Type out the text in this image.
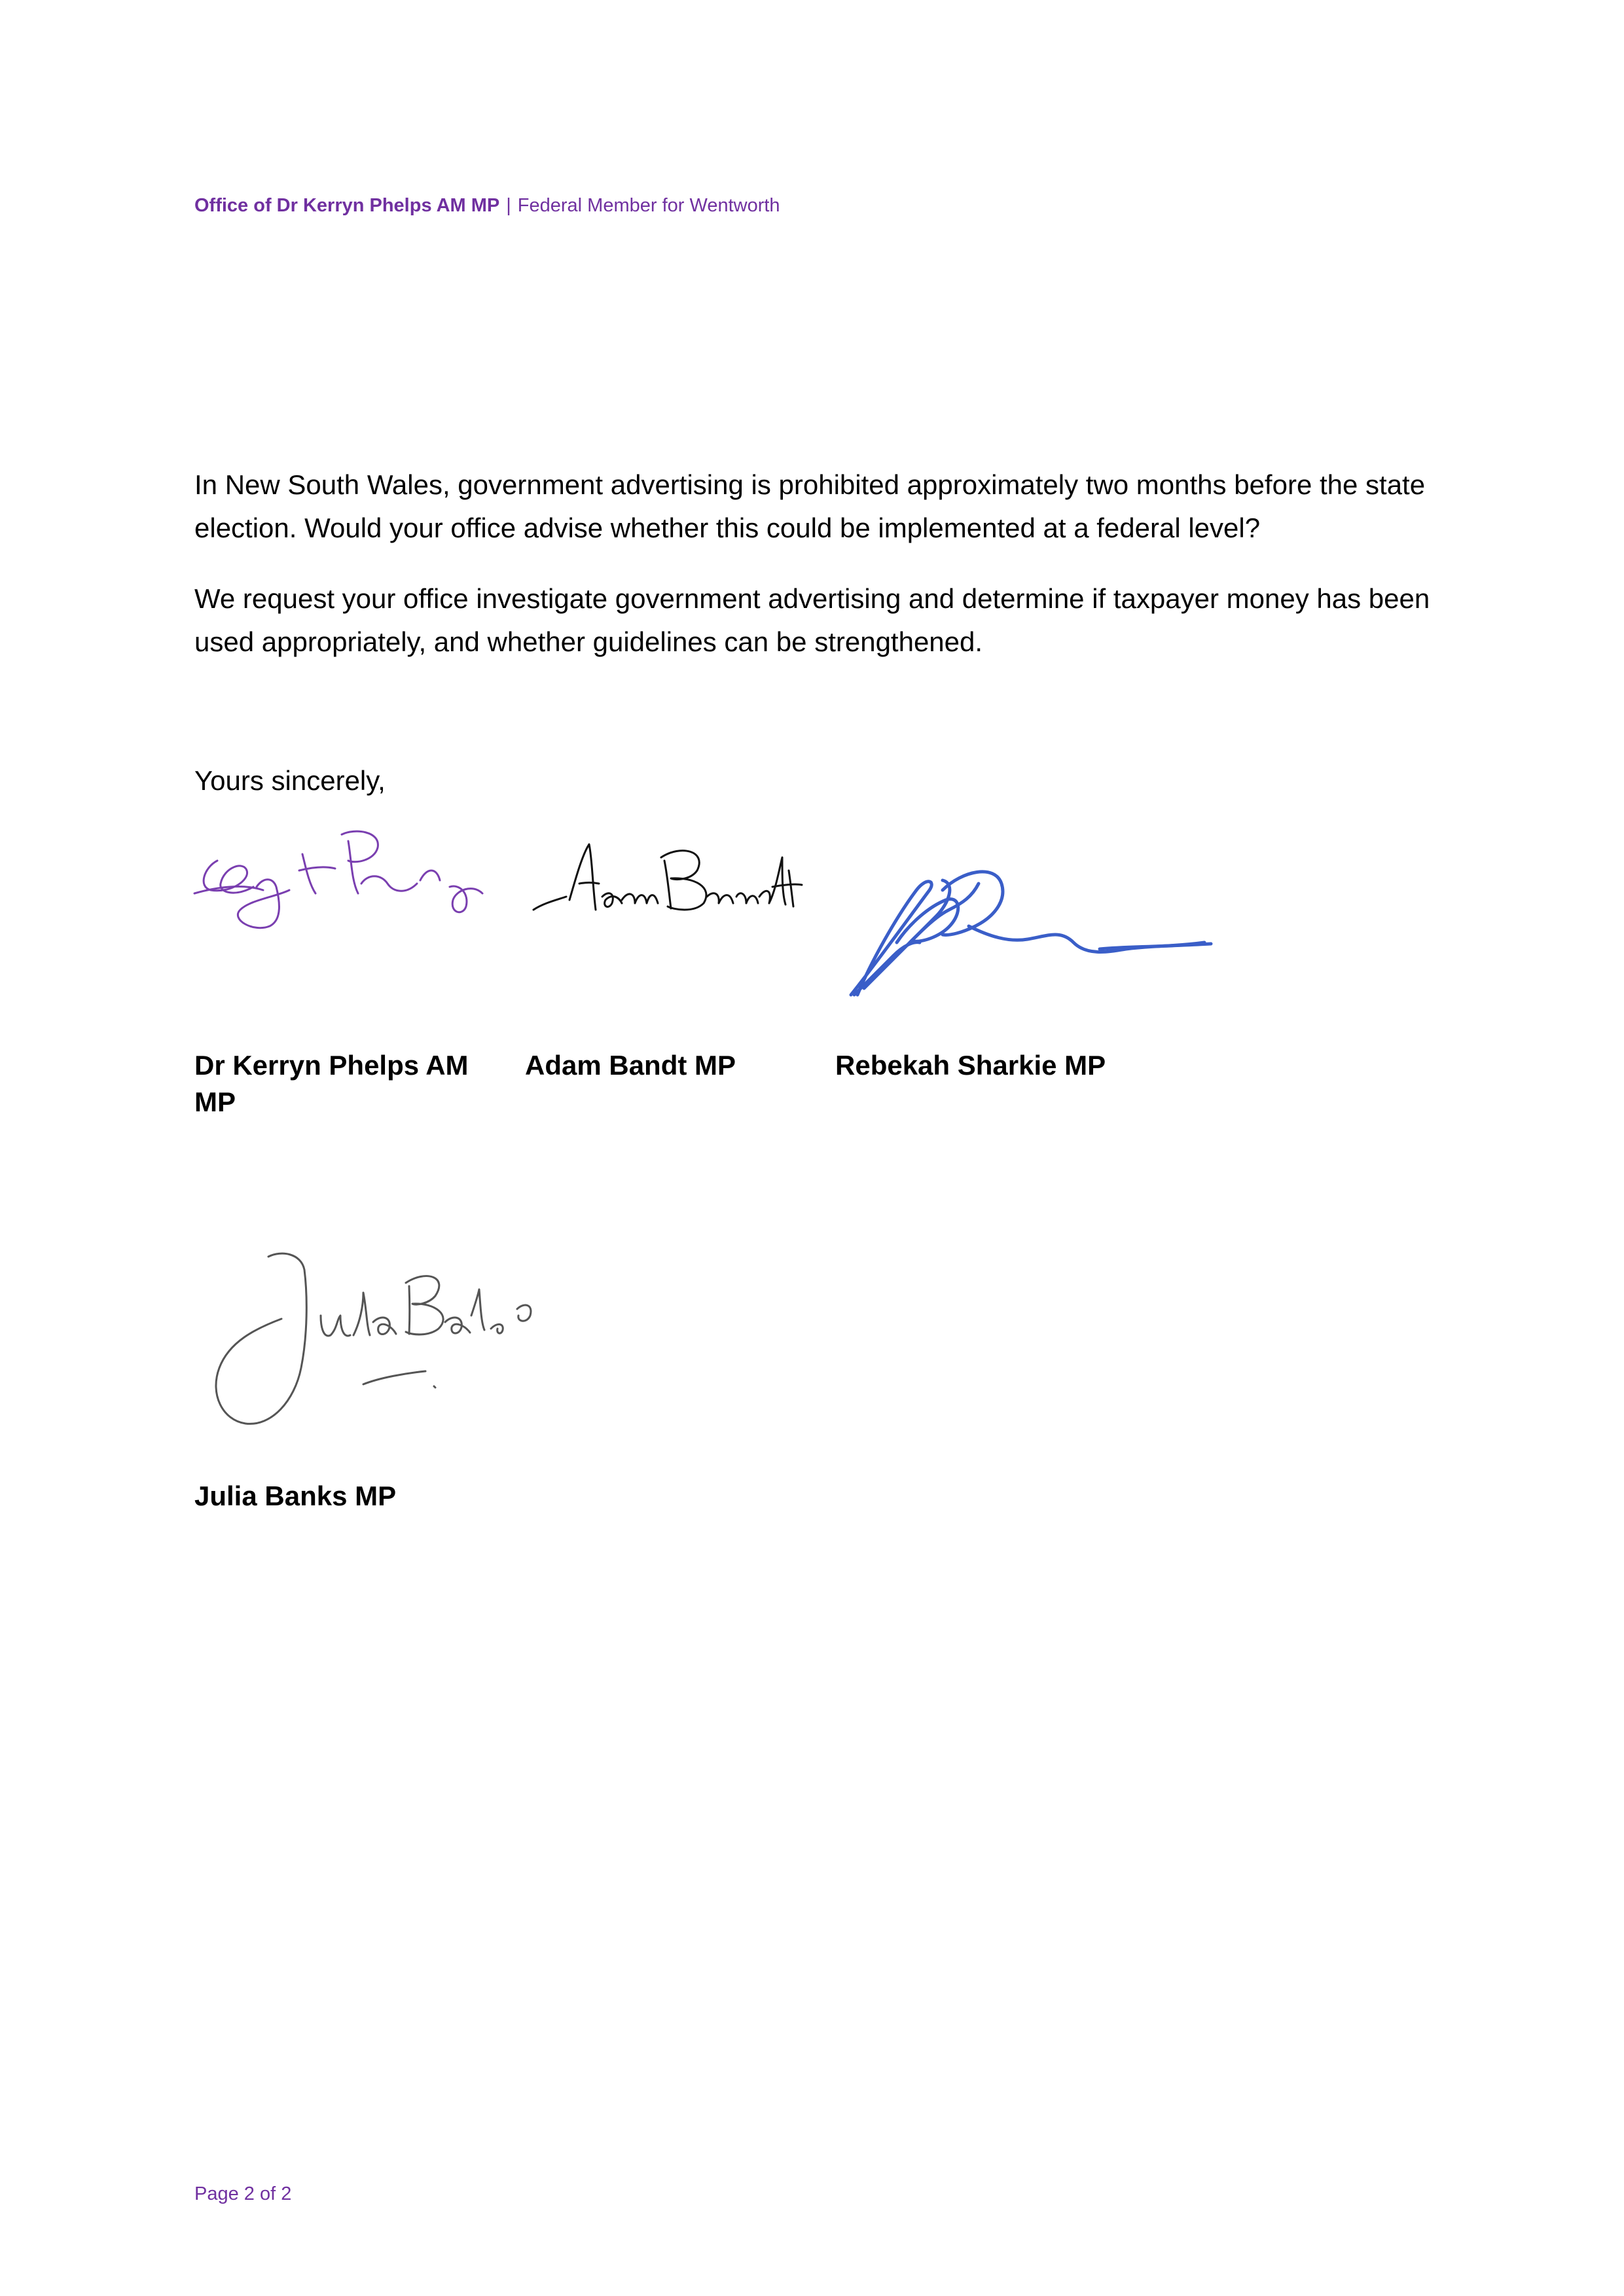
Office of Dr Kerryn Phelps AM MP | Federal Member for Wentworth

In New South Wales, government advertising is prohibited approximately two months before the state election. Would your office advise whether this could be implemented at a federal level?

We request your office investigate government advertising and determine if taxpayer money has been used appropriately, and whether guidelines can be strengthened.

Yours sincerely,
Dr Kerryn Phelps AM MP
Adam Bandt MP	Rebekah Sharkie MP
Julia Banks MP
Page 2 of 2
